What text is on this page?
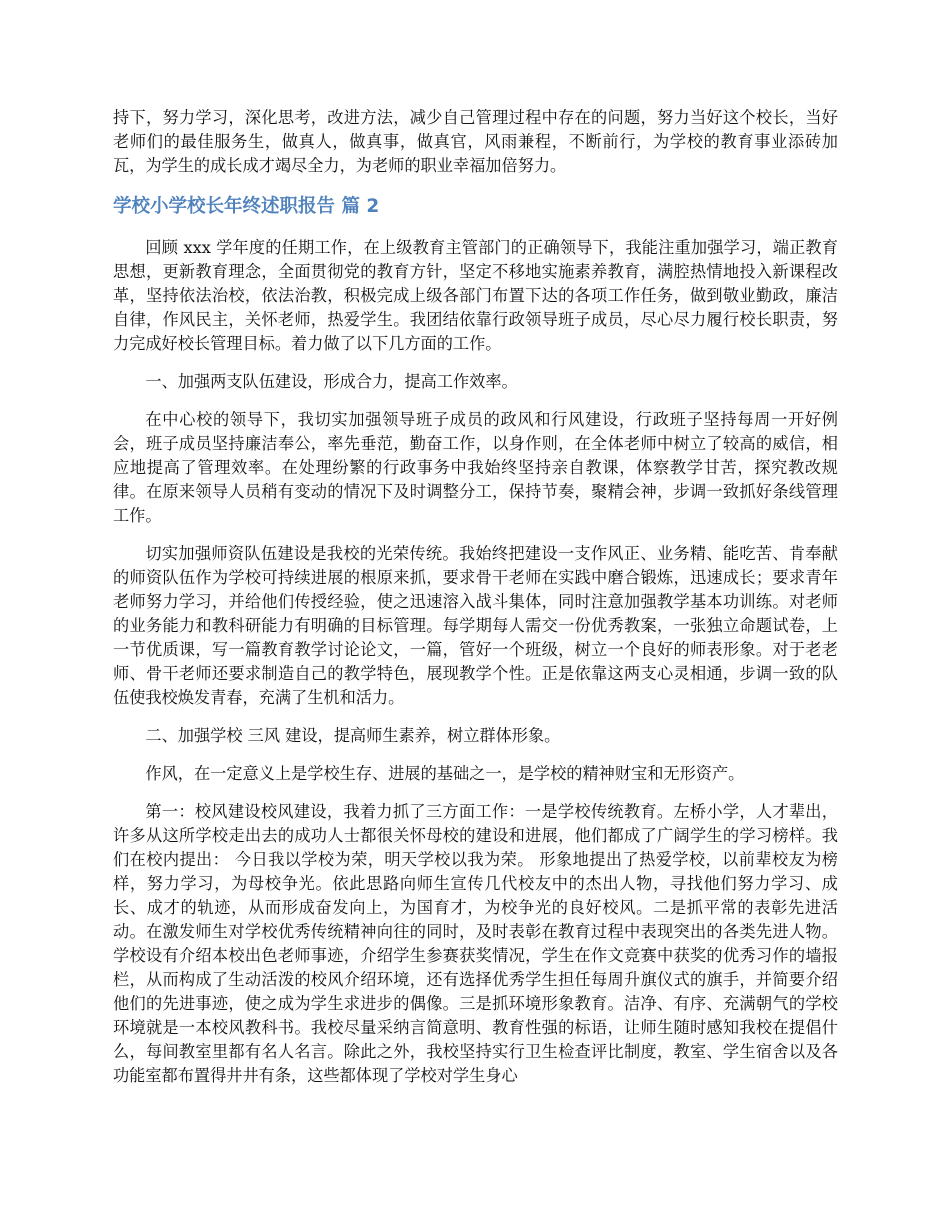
持下，努力学习，深化思考，改进方法，减少自己管理过程中存在的问题，努力当好这个校长，当好老师们的最佳服务生，做真人，做真事，做真官，风雨兼程，不断前行，为学校的教育事业添砖加瓦，为学生的成长成才竭尽全力，为老师的职业幸福加倍努力。

学校小学校长年终述职报告 篇 2

回顾 xxx 学年度的任期工作，在上级教育主管部门的正确领导下，我能注重加强学习，端正教育思想，更新教育理念，全面贯彻党的教育方针，坚定不移地实施素养教育，满腔热情地投入新课程改革，坚持依法治校，依法治教，积极完成上级各部门布置下达的各项工作任务，做到敬业勤政，廉洁自律，作风民主，关怀老师，热爱学生。我团结依靠行政领导班子成员，尽心尽力履行校长职责，努力完成好校长管理目标。着力做了以下几方面的工作。

一、加强两支队伍建设，形成合力，提高工作效率。

在中心校的领导下，我切实加强领导班子成员的政风和行风建设，行政班子坚持每周一开好例会，班子成员坚持廉洁奉公，率先垂范，勤奋工作，以身作则，在全体老师中树立了较高的威信，相应地提高了管理效率。在处理纷繁的行政事务中我始终坚持亲自教课，体察教学甘苦，探究教改规律。在原来领导人员稍有变动的情况下及时调整分工，保持节奏，聚精会神，步调一致抓好条线管理工作。

切实加强师资队伍建设是我校的光荣传统。我始终把建设一支作风正、业务精、能吃苦、肯奉献的师资队伍作为学校可持续进展的根原来抓，要求骨干老师在实践中磨合锻炼，迅速成长；要求青年老师努力学习，并给他们传授经验，使之迅速溶入战斗集体，同时注意加强教学基本功训练。对老师的业务能力和教科研能力有明确的目标管理。每学期每人需交一份优秀教案，一张独立命题试卷，上一节优质课，写一篇教育教学讨论论文，一篇，管好一个班级，树立一个良好的师表形象。对于老老师、骨干老师还要求制造自己的教学特色，展现教学个性。正是依靠这两支心灵相通，步调一致的队伍使我校焕发青春，充满了生机和活力。

二、加强学校 三风 建设，提高师生素养，树立群体形象。

作风，在一定意义上是学校生存、进展的基础之一，是学校的精神财宝和无形资产。

第一：校风建设校风建设，我着力抓了三方面工作：一是学校传统教育。左桥小学，人才辈出，许多从这所学校走出去的成功人士都很关怀母校的建设和进展，他们都成了广阔学生的学习榜样。我们在校内提出： 今日我以学校为荣，明天学校以我为荣。 形象地提出了热爱学校，以前辈校友为榜样，努力学习，为母校争光。依此思路向师生宣传几代校友中的杰出人物，寻找他们努力学习、成长、成才的轨迹，从而形成奋发向上，为国育才，为校争光的良好校风。二是抓平常的表彰先进活动。在激发师生对学校优秀传统精神向往的同时，及时表彰在教育过程中表现突出的各类先进人物。学校设有介绍本校出色老师事迹，介绍学生参赛获奖情况，学生在作文竞赛中获奖的优秀习作的墙报栏，从而构成了生动活泼的校风介绍环境，还有选择优秀学生担任每周升旗仪式的旗手，并简要介绍他们的先进事迹，使之成为学生求进步的偶像。三是抓环境形象教育。洁净、有序、充满朝气的学校环境就是一本校风教科书。我校尽量采纳言简意明、教育性强的标语，让师生随时感知我校在提倡什么，每间教室里都有名人名言。除此之外，我校坚持实行卫生检查评比制度，教室、学生宿舍以及各功能室都布置得井井有条，这些都体现了学校对学生身心
